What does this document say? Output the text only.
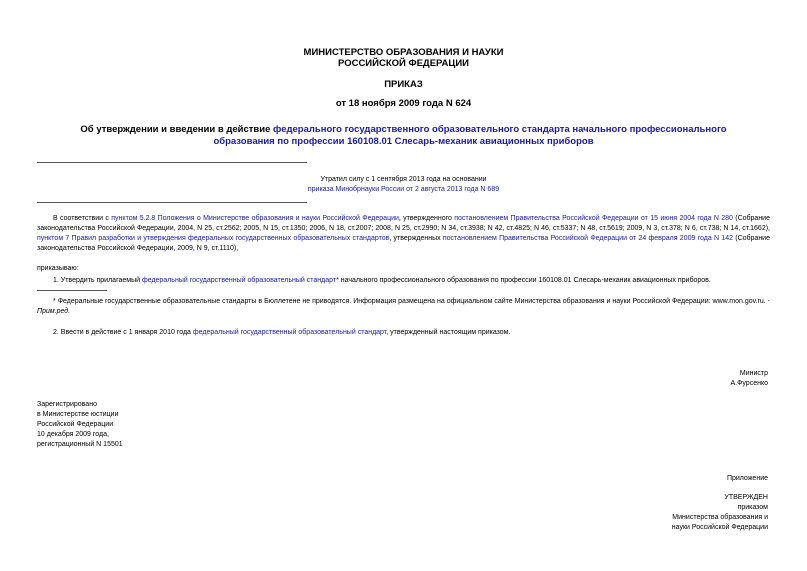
МИНИСТЕРСТВО ОБРАЗОВАНИЯ И НАУКИ
РОССИЙСКОЙ ФЕДЕРАЦИИ
ПРИКАЗ
от 18 ноября 2009 года N 624
Об утверждении и введении в действие федерального государственного образовательного стандарта начального профессионального образования по профессии 160108.01 Слесарь-механик авиационных приборов
Утратил силу с 1 сентября 2013 года на основании
приказа Минобрнауки России от 2 августа 2013 года N 689
В соответствии с пунктом 5.2.8 Положения о Министерстве образования и науки Российской Федерации, утвержденного постановлением Правительства Российской Федерации от 15 июня 2004 года N 280 (Собрание законодательства Российской Федерации, 2004, N 25, ст.2562; 2005, N 15, ст.1350; 2006, N 18, ст.2007; 2008, N 25, ст.2990; N 34, ст.3938; N 42, ст.4825; N 46, ст.5337; N 48, ст.5619; 2009, N 3, ст.378; N 6, ст.738; N 14, ст.1662), пунктом 7 Правил разработки и утверждения федеральных государственных образовательных стандартов, утвержденных постановлением Правительства Российской Федерации от 24 февраля 2009 года N 142 (Собрание законодательства Российской Федерации, 2009, N 9, ст.1110),
приказываю:
1. Утвердить прилагаемый федеральный государственный образовательный стандарт* начального профессионального образования по профессии 160108.01 Слесарь-механик авиационных приборов.
* Федеральные государственные образовательные стандарты в Бюллетене не приводятся. Информация размещена на официальном сайте Министерства образования и науки Российской Федерации: www.mon.gov.ru. - Прим.ред.
2. Ввести в действие с 1 января 2010 года федеральный государственный образовательный стандарт, утвержденный настоящим приказом.
Министр
А.Фурсенко
Зарегистрировано
в Министерстве юстиции
Российской Федерации
10 декабря 2009 года,
регистрационный N 15501
Приложение
УТВЕРЖДЕН
приказом
Министерства образования и
науки Российской Федерации
